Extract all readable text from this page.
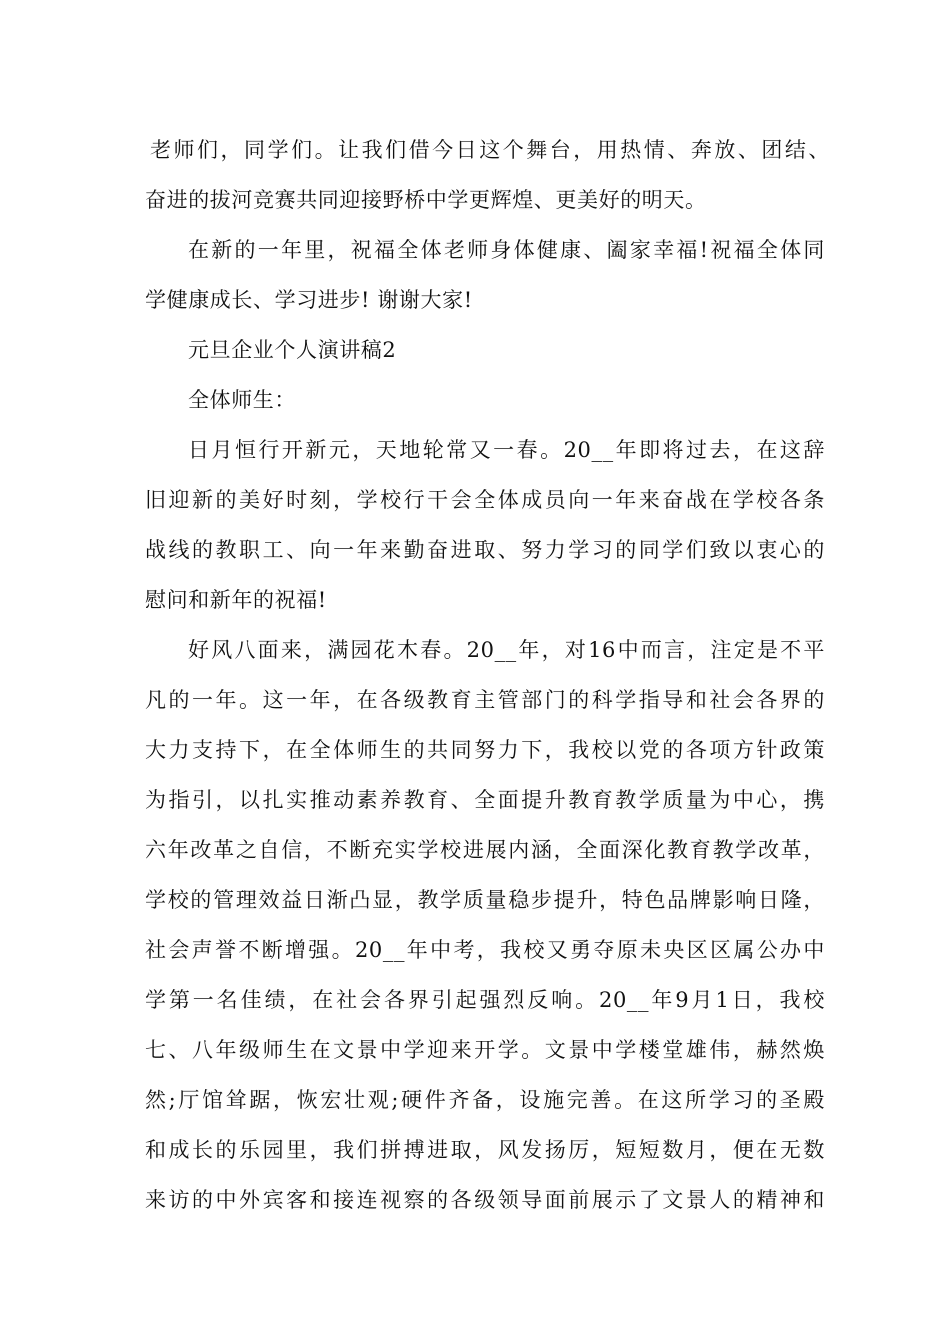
老师们，同学们。让我们借今日这个舞台，用热情、奔放、团结、
奋进的拔河竞赛共同迎接野桥中学更辉煌、更美好的明天。
在新的一年里，祝福全体老师身体健康、阖家幸福!祝福全体同
学健康成长、学习进步! 谢谢大家!
元旦企业个人演讲稿2
全体师生：
日月恒行开新元，天地轮常又一春。20__年即将过去，在这辞
旧迎新的美好时刻，学校行干会全体成员向一年来奋战在学校各条
战线的教职工、向一年来勤奋进取、努力学习的同学们致以衷心的
慰问和新年的祝福!
好风八面来，满园花木春。20__年，对16中而言，注定是不平
凡的一年。这一年，在各级教育主管部门的科学指导和社会各界的
大力支持下，在全体师生的共同努力下，我校以党的各项方针政策
为指引，以扎实推动素养教育、全面提升教育教学质量为中心，携
六年改革之自信，不断充实学校进展内涵，全面深化教育教学改革，
学校的管理效益日渐凸显，教学质量稳步提升，特色品牌影响日隆，
社会声誉不断增强。20__年中考，我校又勇夺原未央区区属公办中
学第一名佳绩，在社会各界引起强烈反响。20__年9月1日，我校
七、八年级师生在文景中学迎来开学。文景中学楼堂雄伟，赫然焕
然;厅馆耸踞，恢宏壮观;硬件齐备，设施完善。在这所学习的圣殿
和成长的乐园里，我们拼搏进取，风发扬厉，短短数月，便在无数
来访的中外宾客和接连视察的各级领导面前展示了文景人的精神和
